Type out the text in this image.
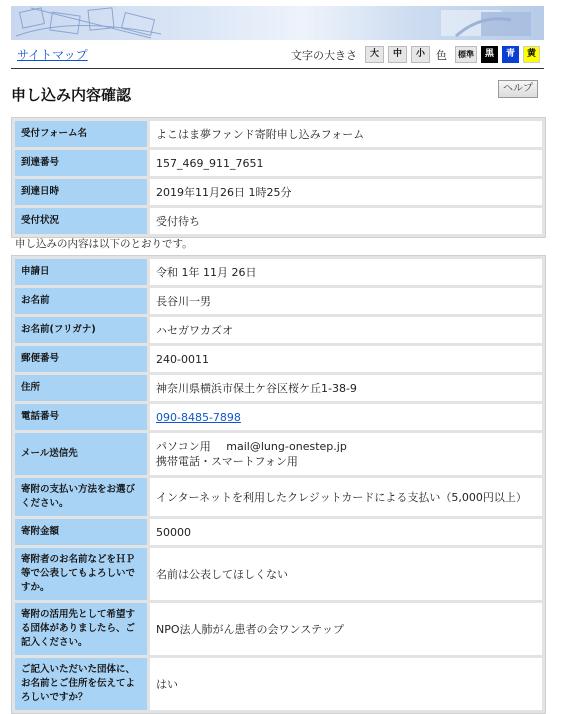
サイトマップ	文字の大きさ	大	中	小	色	標準	黒	青	黄
申し込み内容確認	ヘルプ
受付フォーム名	よこはま夢ファンド寄附申し込みフォーム
到達番号	157_469_911_7651
到達日時	2019年11月26日 1時25分
受付状況	受付待ち
申し込みの内容は以下のとおりです。
申請日	令和 1年 11月 26日
お名前	長谷川一男
お名前(フリガナ)	ハセガワカズオ
郵便番号	240-0011
住所	神奈川県横浜市保土ケ谷区桜ケ丘1-38-9
電話番号	090-8485-7898
メール送信先	パソコン用 mail@lung-onestep.jp
携帯電話・スマートフォン用

寄附の支払い方法をお選びください。	インターネットを利用したクレジットカードによる支払い（5,000円以上）
寄附金額	50000
寄附者のお名前などをＨＰ等で公表してもよろしいですか。	名前は公表してほしくない
寄附の活用先として希望する団体がありましたら、ご記入ください。	NPO法人肺がん患者の会ワンステップ
ご記入いただいた団体に、お名前とご住所を伝えてよろしいですか？	はい
